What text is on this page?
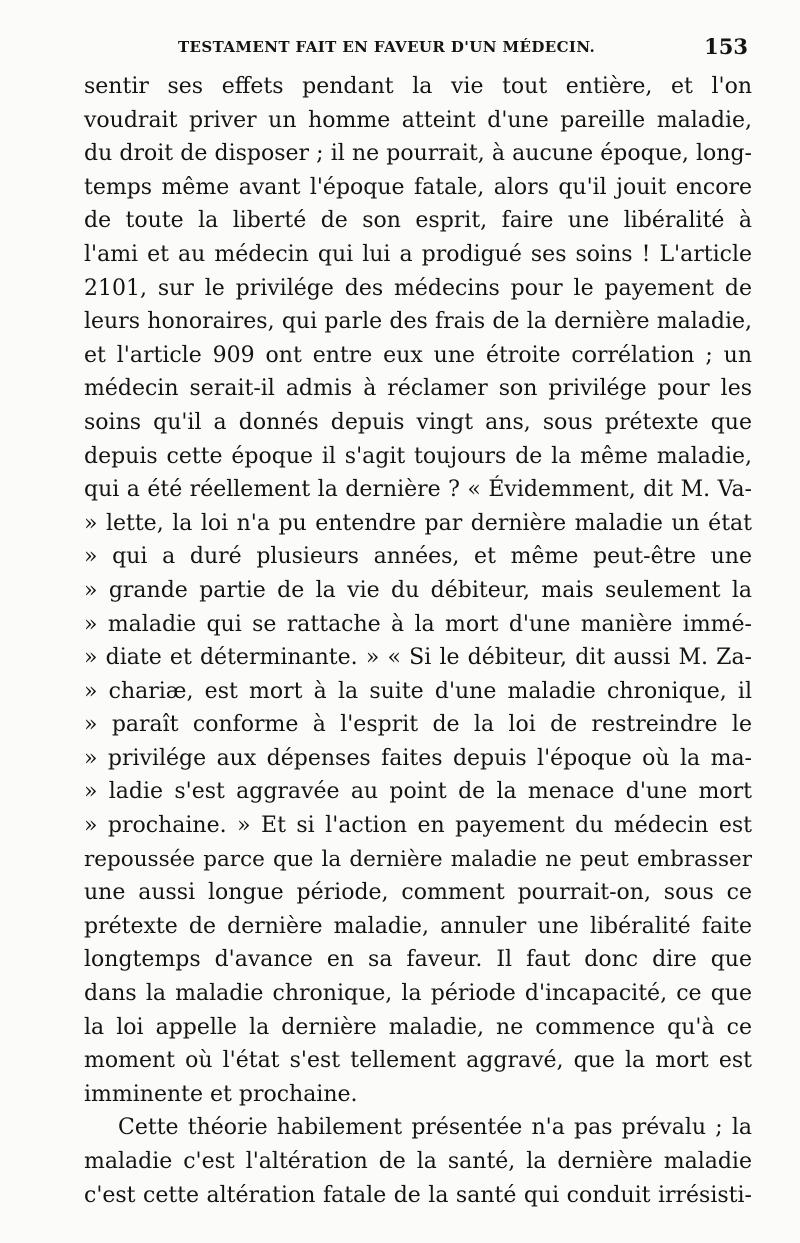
TESTAMENT FAIT EN FAVEUR D'UN MÉDECIN.	153
sentir ses effets pendant la vie tout entière, et l'on
voudrait priver un homme atteint d'une pareille maladie,
du droit de disposer ; il ne pourrait, à aucune époque, long-
temps même avant l'époque fatale, alors qu'il jouit encore
de toute la liberté de son esprit, faire une libéralité à
l'ami et au médecin qui lui a prodigué ses soins ! L'article
2101, sur le privilége des médecins pour le payement de
leurs honoraires, qui parle des frais de la dernière maladie,
et l'article 909 ont entre eux une étroite corrélation ; un
médecin serait-il admis à réclamer son privilége pour les
soins qu'il a donnés depuis vingt ans, sous prétexte que
depuis cette époque il s'agit toujours de la même maladie,
qui a été réellement la dernière ? « Évidemment, dit M. Va-
» lette, la loi n'a pu entendre par dernière maladie un état
» qui a duré plusieurs années, et même peut-être une
» grande partie de la vie du débiteur, mais seulement la
» maladie qui se rattache à la mort d'une manière immé-
» diate et déterminante. » « Si le débiteur, dit aussi M. Za-
» chariæ, est mort à la suite d'une maladie chronique, il
» paraît conforme à l'esprit de la loi de restreindre le
» privilége aux dépenses faites depuis l'époque où la ma-
» ladie s'est aggravée au point de la menace d'une mort
» prochaine. » Et si l'action en payement du médecin est
repoussée parce que la dernière maladie ne peut embrasser
une aussi longue période, comment pourrait-on, sous ce
prétexte de dernière maladie, annuler une libéralité faite
longtemps d'avance en sa faveur. Il faut donc dire que
dans la maladie chronique, la période d'incapacité, ce que
la loi appelle la dernière maladie, ne commence qu'à ce
moment où l'état s'est tellement aggravé, que la mort est
imminente et prochaine.
Cette théorie habilement présentée n'a pas prévalu ; la
maladie c'est l'altération de la santé, la dernière maladie
c'est cette altération fatale de la santé qui conduit irrésisti-
